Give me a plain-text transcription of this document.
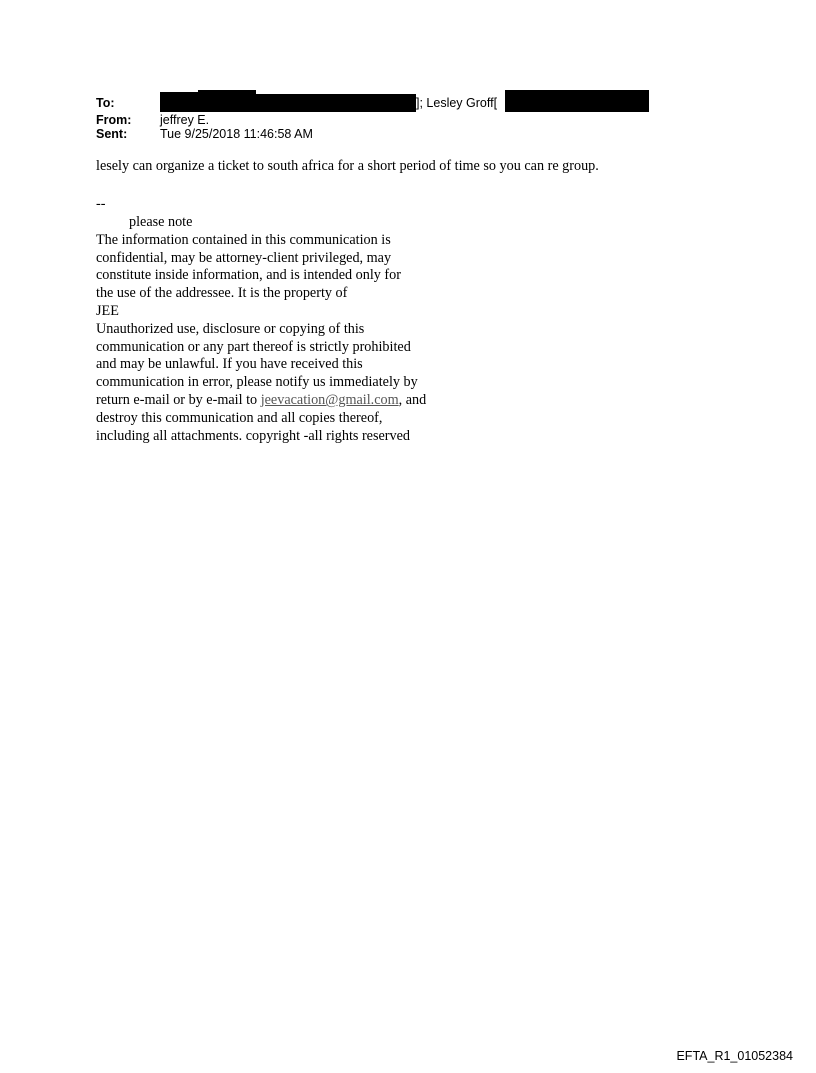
To:	]; Lesley Groff[
From: jeffrey E.
Sent:	Tue 9/25/2018 11:46:58 AM
lesely can organize a ticket to south africa for a short period of time so you can re group.
--
please note
The information contained in this communication is
confidential, may be attorney-client privileged, may
constitute inside information, and is intended only for
the use of the addressee. It is the property of
JEE
Unauthorized use, disclosure or copying of this
communication or any part thereof is strictly prohibited
and may be unlawful. If you have received this
communication in error, please notify us immediately by
return e-mail or by e-mail to jeevacation@gmail.com, and
destroy this communication and all copies thereof,
including all attachments. copyright -all rights reserved
EFTA_R1_01052384
